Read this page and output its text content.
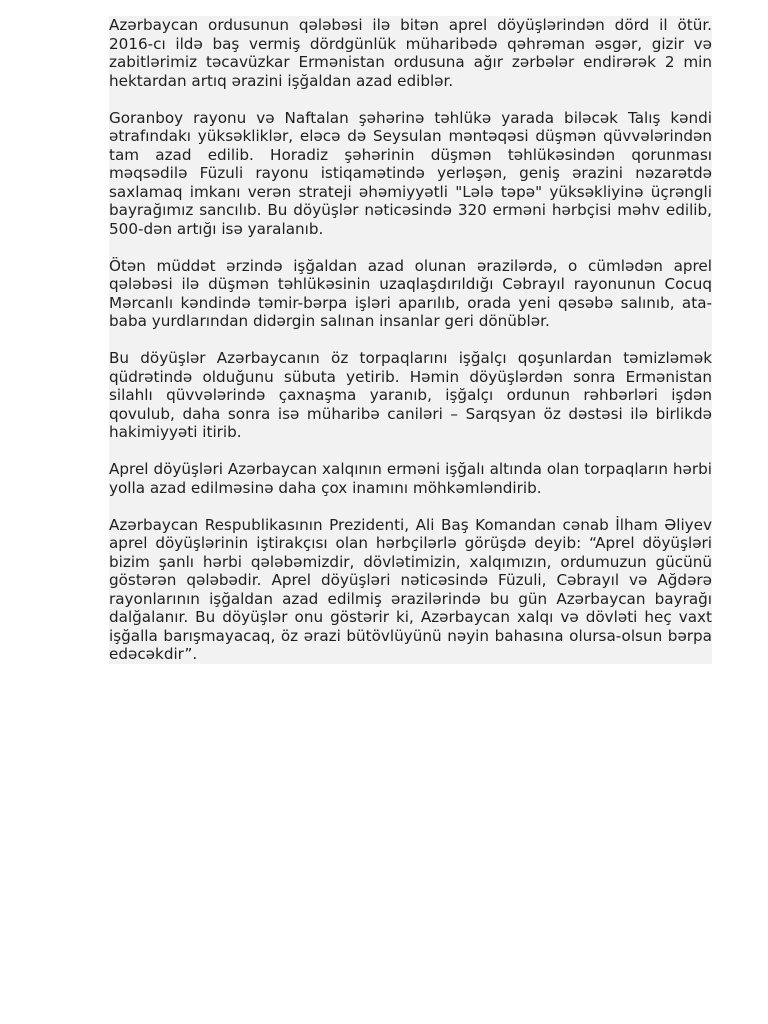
Azərbaycan ordusunun qələbəsi ilə bitən aprel döyüşlərindən dörd il ötür. 2016-cı ildə baş vermiş dördgünlük müharibədə qəhrəman əsgər, gizir və zabitlərimiz təcavüzkar Ermənistan ordusuna ağır zərbələr endirərək 2 min hektardan artıq ərazini işğaldan azad ediblər.

Goranboy rayonu və Naftalan şəhərinə təhlükə yarada biləcək Talış kəndi ətrafındakı yüksəkliklər, eləcə də Seysulan məntəqəsi düşmən qüvvələrindən tam azad edilib. Horadiz şəhərinin düşmən təhlükəsindən qorunması məqsədilə Füzuli rayonu istiqamətində yerləşən, geniş ərazini nəzarətdə saxlamaq imkanı verən strateji əhəmiyyətli "Lələ təpə" yüksəkliyinə üçrəngli bayrağımız sancılıb. Bu döyüşlər nəticəsində 320 erməni hərbçisi məhv edilib, 500-dən artığı isə yaralanıb.

Ötən müddət ərzində işğaldan azad olunan ərazilərdə, o cümlədən aprel qələbəsi ilə düşmən təhlükəsinin uzaqlaşdırıldığı Cəbrayıl rayonunun Cocuq Mərcanlı kəndində təmir-bərpa işləri aparılıb, orada yeni qəsəbə salınıb, ata-baba yurdlarından didərgin salınan insanlar geri dönüblər.

Bu döyüşlər Azərbaycanın öz torpaqlarını işğalçı qoşunlardan təmizləmək qüdrətində olduğunu sübuta yetirib. Həmin döyüşlərdən sonra Ermənistan silahlı qüvvələrində çaxnaşma yaranıb, işğalçı ordunun rəhbərləri işdən qovulub, daha sonra isə müharibə caniləri – Sarqsyan öz dəstəsi ilə birlikdə hakimiyyəti itirib.

Aprel döyüşləri Azərbaycan xalqının erməni işğalı altında olan torpaqların hərbi yolla azad edilməsinə daha çox inamını möhkəmləndirib.

Azərbaycan Respublikasının Prezidenti, Ali Baş Komandan cənab İlham Əliyev aprel döyüşlərinin iştirakçısı olan hərbçilərlə görüşdə deyib: “Aprel döyüşləri bizim şanlı hərbi qələbəmizdir, dövlətimizin, xalqımızın, ordumuzun gücünü göstərən qələbədir. Aprel döyüşləri nəticəsində Füzuli, Cəbrayıl və Ağdərə rayonlarının işğaldan azad edilmiş ərazilərində bu gün Azərbaycan bayrağı dalğalanır. Bu döyüşlər onu göstərir ki, Azərbaycan xalqı və dövləti heç vaxt işğalla barışmayacaq, öz ərazi bütövlüyünü nəyin bahasına olursa-olsun bərpa edəcəkdir”.
